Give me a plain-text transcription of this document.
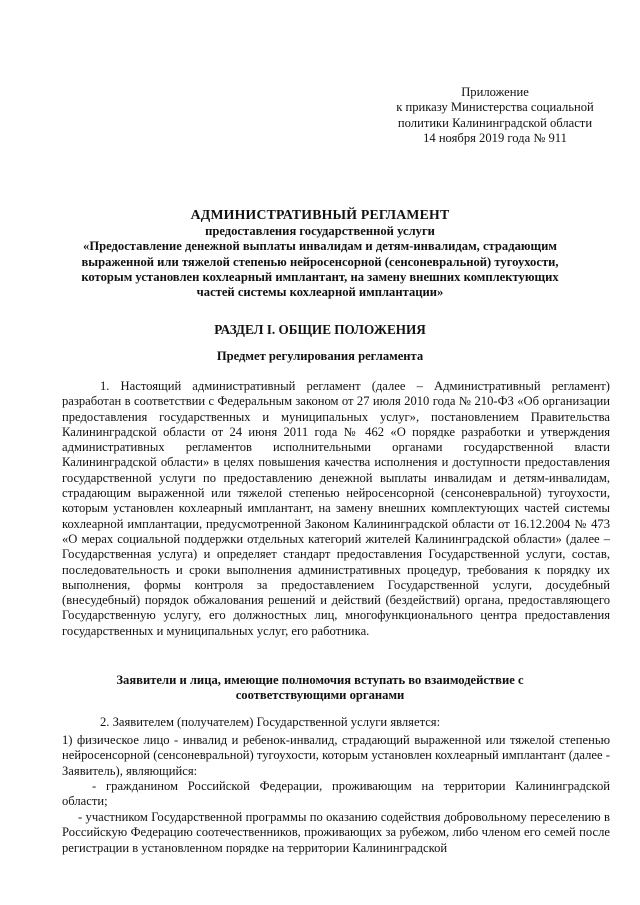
Приложение
к приказу Министерства социальной
политики Калининградской области
14 ноября 2019 года № 911
АДМИНИСТРАТИВНЫЙ РЕГЛАМЕНТ
предоставления государственной услуги
«Предоставление денежной выплаты инвалидам и детям-инвалидам, страдающим
выраженной или тяжелой степенью нейросенсорной (сенсоневральной) тугоухости,
которым установлен кохлеарный имплантант, на замену внешних комплектующих
частей системы кохлеарной имплантации»
РАЗДЕЛ I. ОБЩИЕ ПОЛОЖЕНИЯ
Предмет регулирования регламента
1. Настоящий административный регламент (далее – Административный регламент) разработан в соответствии с Федеральным законом от 27 июля 2010 года № 210-ФЗ «Об организации предоставления государственных и муниципальных услуг», постановлением Правительства Калининградской области от 24 июня 2011 года № 462 «О порядке разработки и утверждения административных регламентов исполнительными органами государственной власти Калининградской области» в целях повышения качества исполнения и доступности предоставления государственной услуги по предоставлению денежной выплаты инвалидам и детям-инвалидам, страдающим выраженной или тяжелой степенью нейросенсорной (сенсоневральной) тугоухости, которым установлен кохлеарный имплантант, на замену внешних комплектующих частей системы кохлеарной имплантации, предусмотренной Законом Калининградской области от 16.12.2004 № 473 «О мерах социальной поддержки отдельных категорий жителей Калининградской области» (далее – Государственная услуга) и определяет стандарт предоставления Государственной услуги, состав, последовательность и сроки выполнения административных процедур, требования к порядку их выполнения, формы контроля за предоставлением Государственной услуги, досудебный (внесудебный) порядок обжалования решений и действий (бездействий) органа, предоставляющего Государственную услугу, его должностных лиц, многофункционального центра предоставления государственных и муниципальных услуг, его работника.
Заявители и лица, имеющие полномочия вступать во взаимодействие с
соответствующими органами
2. Заявителем (получателем) Государственной услуги является:
1) физическое лицо - инвалид и ребенок-инвалид, страдающий выраженной или тяжелой степенью нейросенсорной (сенсоневральной) тугоухости, которым установлен кохлеарный имплантант (далее - Заявитель), являющийся:
- гражданином Российской Федерации, проживающим на территории Калининградской области;
- участником Государственной программы по оказанию содействия добровольному переселению в Российскую Федерацию соотечественников, проживающих за рубежом, либо членом его семей после регистрации в установленном порядке на территории Калининградской
